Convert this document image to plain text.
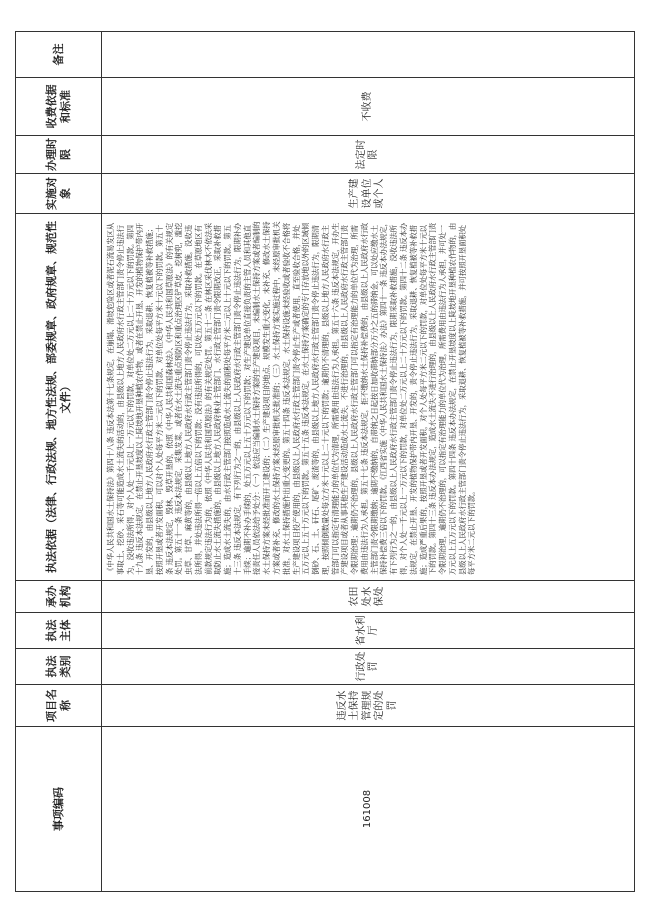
事项编码	项目名称	执法类别	执法主体	承办机构	执法依据（法律、行政法规、地方性法规、部委规章、政府规章、规范性文件）	实施对象	办理时限	收费依据和标准	备注
161008	违反水土保持管理规定的处罚	行政处罚	省水利厅	农田处水保处	《中华人民共和国水土保持法》第四十八条 违反本法第十七条规定，在崩塌、滑坡危险区或者泥石流易发区从事取土、挖砂、采石等可能造成水土流失的活动的，由县级以上地方人民政府水行政主管部门责令停止违法行为，没收违法所得，对个人处一千元以上一万元以下的罚款，对单位处二万元以上二十万元以下的罚款。第四十九条 违反本法规定，在禁止开垦坡度以上陡坡地开垦种植农作物，或者在禁止开垦、开发的植物保护带内开垦、开发的，由县级以上地方人民政府水行政主管部门责令停止违法行为，采取退耕、恢复植被等补救措施；按照开垦或者开发面积，可以对个人处每平方米二元以下的罚款、对单位处每平方米十元以下的罚款。第五十条 违反本法规定，毁林、毁草开垦的，依照《中华人民共和国森林法》、《中华人民共和国草原法》的有关规定处罚。第五十一条 违反本法规定，采集发菜，或者在水土流失重点预防区和重点治理区铲草皮、挖树兜，滥挖虫草、甘草、麻黄等的，由县级以上地方人民政府水行政主管部门责令停止违法行为，采取补救措施，没收违法所得，并处违法所得一倍以上五倍以下的罚款；没有违法所得的，可以处五万元以下的罚款。在草原地区有前款规定违法行为的，依照《中华人民共和国草原法》的有关规定处罚。第五十二条 在林区采伐林木不依法采取防止水土流失措施的，由县级以上地方人民政府林业主管部门、水行政主管部门责令限期改正，采取补救措施；造成水土流失的，由水行政主管部门按照造成水土流失的面积处每平方米二元以上十元以下的罚款。第五十三条 违反本法规定，有下列行为之一的，由县级以上人民政府水行政主管部门责令停止违法行为，限期补办手续；逾期不补办手续的，处五万元以上五十万元以下的罚款；对生产建设单位直接负责的主管人员和其他直接责任人员依法给予处分：（一）依法应当编制水土保持方案的生产建设项目，未编制水土保持方案或者编制的水土保持方案未经批准而开工建设的；（二）生产建设项目的地点、规模发生重大变化，未补充、修改水土保持方案或者补充、修改的水土保持方案未经原审批机关批准的；（三）水土保持方案实施过程中，未经原审批机关批准，对水土保持措施作出重大变更的。第五十四条 违反本法规定，水土保持设施未经验收或者验收不合格将生产建设项目投产使用的，由县级以上人民政府水行政主管部门责令停止生产或者使用，直至验收合格，并处五万元以上五十万元以下的罚款。第五十五条 违反本法规定，在水土保持方案确定的专门存放地以外的区域倾倒砂、石、土、矸石、尾矿、废渣等的，由县级以上地方人民政府水行政主管部门责令停止违法行为，限期清理，按照倾倒数量处每立方米十元以上二十元以下的罚款；逾期仍不清理的，县级以上地方人民政府水行政主管部门可以指定有清理能力的单位代为清理，所需费用由违法行为人承担。第五十六条 违反本法规定，开办生产建设项目或者从事其他生产建设活动造成水土流失，不进行治理的，由县级以上人民政府水行政主管部门责令限期治理；逾期仍不治理的，县级以上人民政府水行政主管部门可以指定有治理能力的单位代为治理，所需费用由违法行为人承担。第五十七条 违反本法规定，拒不缴纳水土保持补偿费的，由县级以上人民政府水行政主管部门责令限期缴纳；逾期不缴纳的，自滞纳之日起按日加收滞纳部分万分之五的滞纳金，可以处应缴水土保持补偿费三倍以下的罚款。《江西省实施〈中华人民共和国水土保持法〉办法》第四十一条 违反本办法规定，有下列行为之一的，由县级以上人民政府水行政主管部门责令停止违法行为，限期采取补救措施，没收违法所得，对个人处一千元以上一万元以下的罚款，对单位处二万元以上二十万元以下的罚款。第四十二条 违反本办法规定，在禁止开垦、开发的植物保护带内开垦、开发的，责令停止违法行为，采取退耕、恢复植被等补救措施；造成严重后果的，按照开垦或者开发面积，对个人处每平方米二元以下的罚款，对单位处每平方米十元以下的罚款。第四十三条 违反本办法规定，造成水土流失不进行治理的，由县级以上人民政府水行政主管部门责令限期治理，逾期仍不治理的，可以指定有治理能力的单位代为治理，所需费用由违法行为人承担，并可处一万元以上五万元以下的罚款。第四十四条 违反本办法规定，在禁止开垦坡度以上陡坡地开垦种植农作物的，由县级以上人民政府水行政主管部门责令停止违法行为，采取退耕、恢复植被等补救措施，并可按照开垦面积处每平方米二元以下的罚款。	生产建设单位或个人	法定时限	不收费	
